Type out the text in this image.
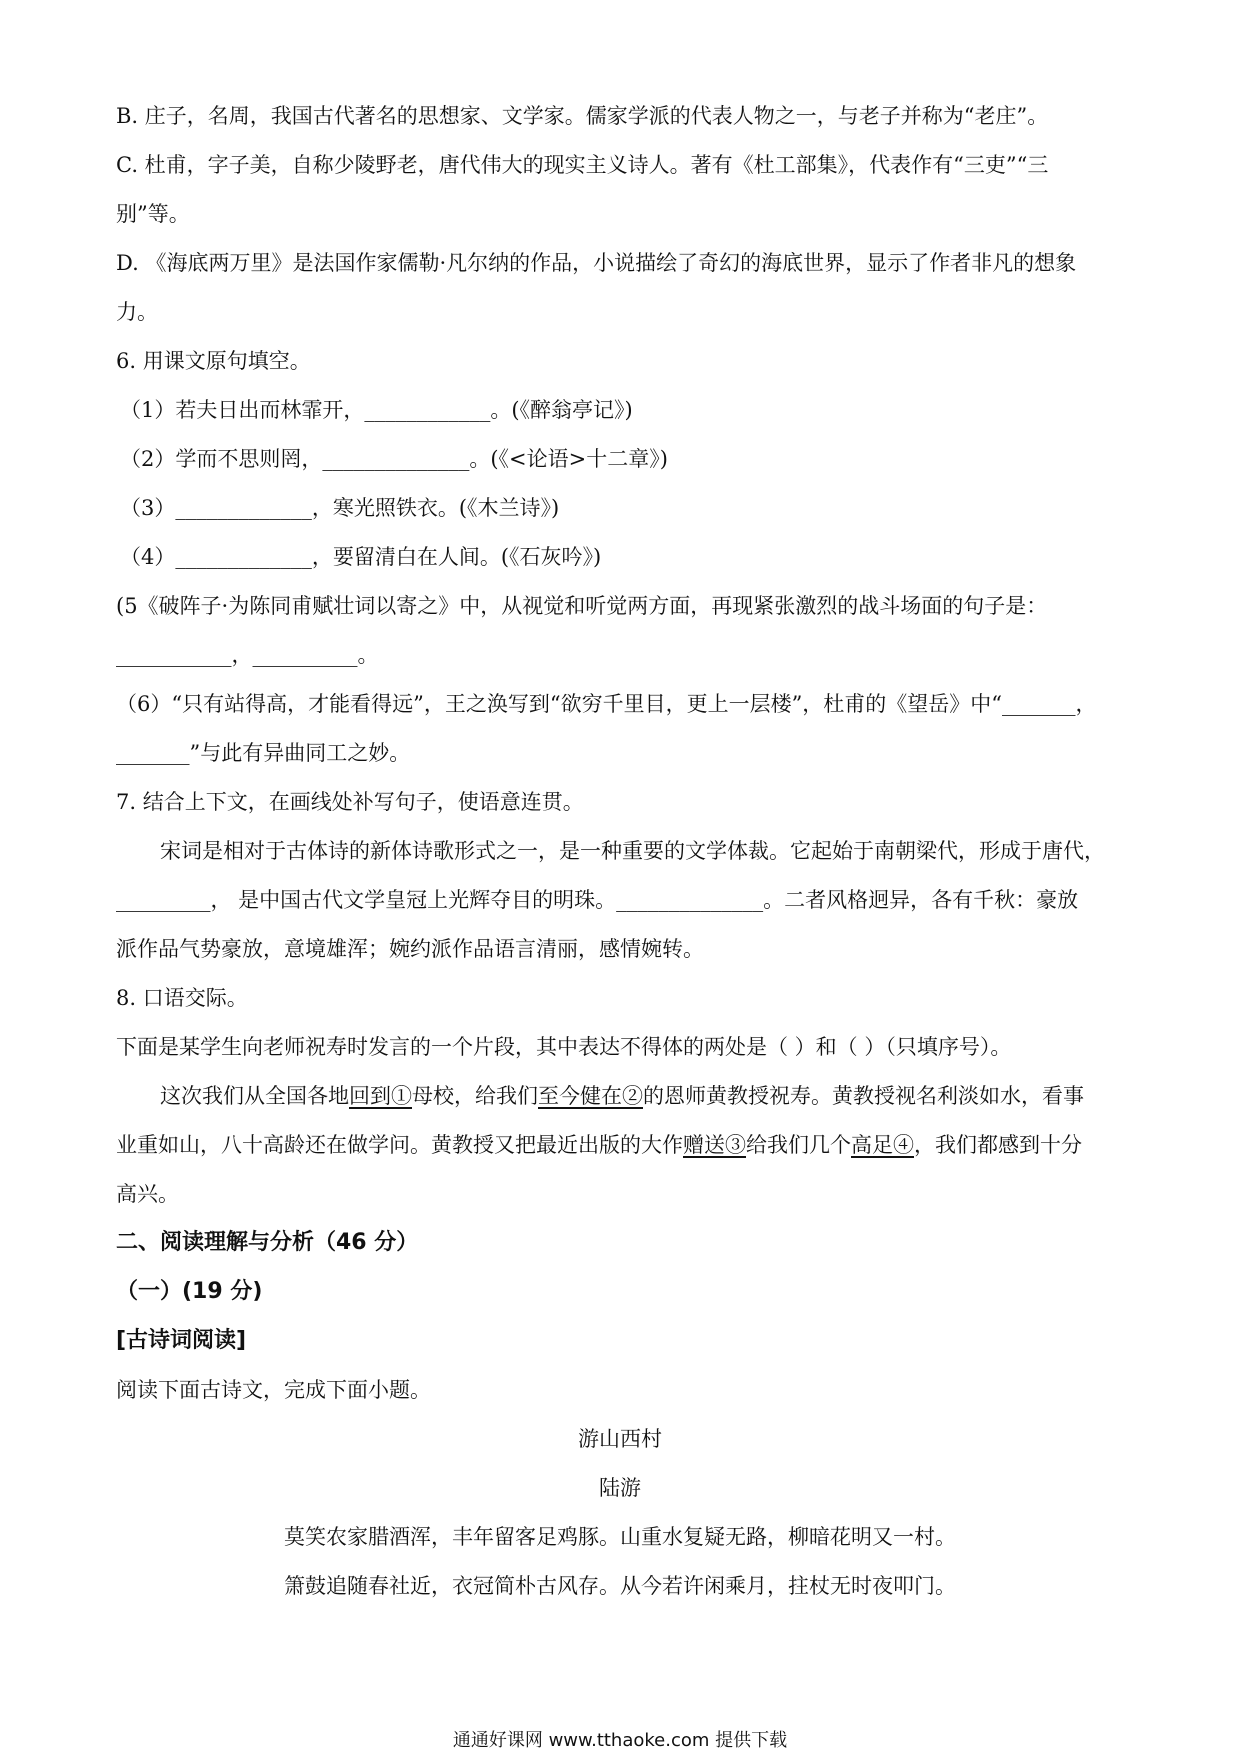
B. 庄子，名周，我国古代著名的思想家、文学家。儒家学派的代表人物之一，与老子并称为“老庄”。
C. 杜甫，字子美，自称少陵野老，唐代伟大的现实主义诗人。著有《杜工部集》，代表作有“三吏”“三
别”等。
D. 《海底两万里》是法国作家儒勒·凡尔纳的作品，小说描绘了奇幻的海底世界，显示了作者非凡的想象
力。
6. 用课文原句填空。
（1）若夫日出而林霏开，____________。(《醉翁亭记》)
（2）学而不思则罔，______________。(《<论语>十二章》)
（3）_____________，寒光照铁衣。(《木兰诗》)
（4）_____________，要留清白在人间。(《石灰吟》)
(5《破阵子·为陈同甫赋壮词以寄之》中，从视觉和听觉两方面，再现紧张激烈的战斗场面的句子是：
___________，__________。
（6）“只有站得高，才能看得远”，王之涣写到“欲穷千里目，更上一层楼”，杜甫的《望岳》中“_______，
_______”与此有异曲同工之妙。
7. 结合上下文，在画线处补写句子，使语意连贯。
宋词是相对于古体诗的新体诗歌形式之一，是一种重要的文学体裁。它起始于南朝梁代，形成于唐代，
_________， 是中国古代文学皇冠上光辉夺目的明珠。______________。二者风格迥异，各有千秋：豪放
派作品气势豪放，意境雄浑；婉约派作品语言清丽，感情婉转。
8. 口语交际。
下面是某学生向老师祝寿时发言的一个片段，其中表达不得体的两处是（ ）和（ ）（只填序号）。
这次我们从全国各地回到①母校，给我们至今健在②的恩师黄教授祝寿。黄教授视名利淡如水，看事
业重如山，八十高龄还在做学问。黄教授又把最近出版的大作赠送③给我们几个高足④，我们都感到十分
高兴。
二、阅读理解与分析（46 分）
（一）(19 分)
[古诗词阅读]
阅读下面古诗文，完成下面小题。
游山西村
陆游
莫笑农家腊酒浑，丰年留客足鸡豚。山重水复疑无路，柳暗花明又一村。
箫鼓追随春社近，衣冠简朴古风存。从今若许闲乘月，拄杖无时夜叩门。
通通好课网 www.tthaoke.com 提供下载
